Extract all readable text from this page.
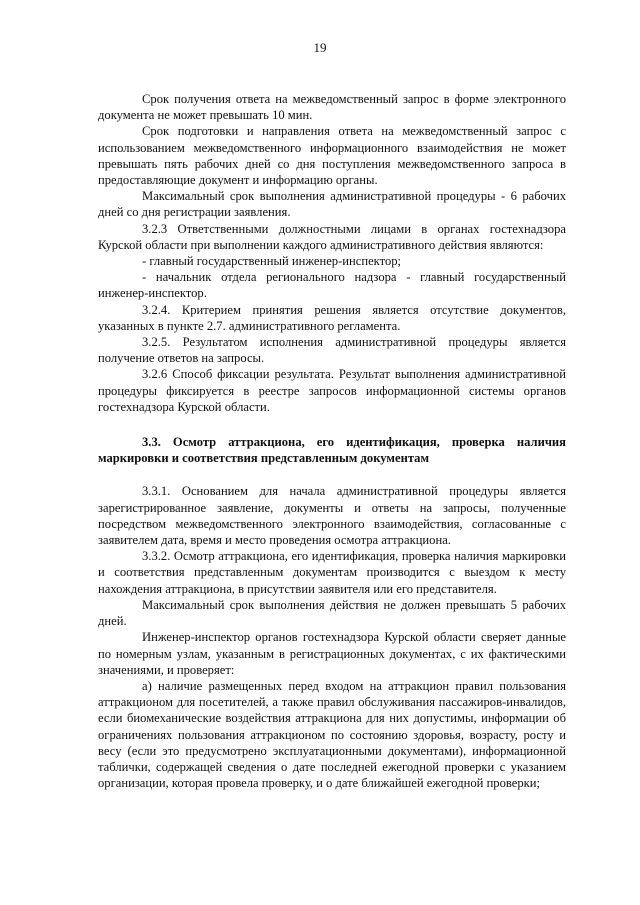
19

Срок получения ответа на межведомственный запрос в форме электронного документа не может превышать 10 мин.

Срок подготовки и направления ответа на межведомственный запрос с использованием межведомственного информационного взаимодействия не может превышать пять рабочих дней со дня поступления межведомственного запроса в предоставляющие документ и информацию органы.

Максимальный срок выполнения административной процедуры - 6 рабочих дней со дня регистрации заявления.

3.2.3 Ответственными должностными лицами в органах гостехнадзора Курской области при выполнении каждого административного действия являются:

- главный государственный инженер-инспектор;

- начальник отдела регионального надзора - главный государственный инженер-инспектор.

3.2.4. Критерием принятия решения является отсутствие документов, указанных в пункте 2.7. административного регламента.

3.2.5. Результатом исполнения административной процедуры является получение ответов на запросы.

3.2.6 Способ фиксации результата. Результат выполнения административной процедуры фиксируется в реестре запросов информационной системы органов гостехнадзора Курской области.

3.3. Осмотр аттракциона, его идентификация, проверка наличия маркировки и соответствия представленным документам

3.3.1. Основанием для начала административной процедуры является зарегистрированное заявление, документы и ответы на запросы, полученные посредством межведомственного электронного взаимодействия, согласованные с заявителем дата, время и место проведения осмотра аттракциона.

3.3.2. Осмотр аттракциона, его идентификация, проверка наличия маркировки и соответствия представленным документам производится с выездом к месту нахождения аттракциона, в присутствии заявителя или его представителя.

Максимальный срок выполнения действия не должен превышать 5 рабочих дней.

Инженер-инспектор органов гостехнадзора Курской области сверяет данные по номерным узлам, указанным в регистрационных документах, с их фактическими значениями, и проверяет:

а) наличие размещенных перед входом на аттракцион правил пользования аттракционом для посетителей, а также правил обслуживания пассажиров-инвалидов, если биомеханические воздействия аттракциона для них допустимы, информации об ограничениях пользования аттракционом по состоянию здоровья, возрасту, росту и весу (если это предусмотрено эксплуатационными документами), информационной таблички, содержащей сведения о дате последней ежегодной проверки с указанием организации, которая провела проверку, и о дате ближайшей ежегодной проверки;
